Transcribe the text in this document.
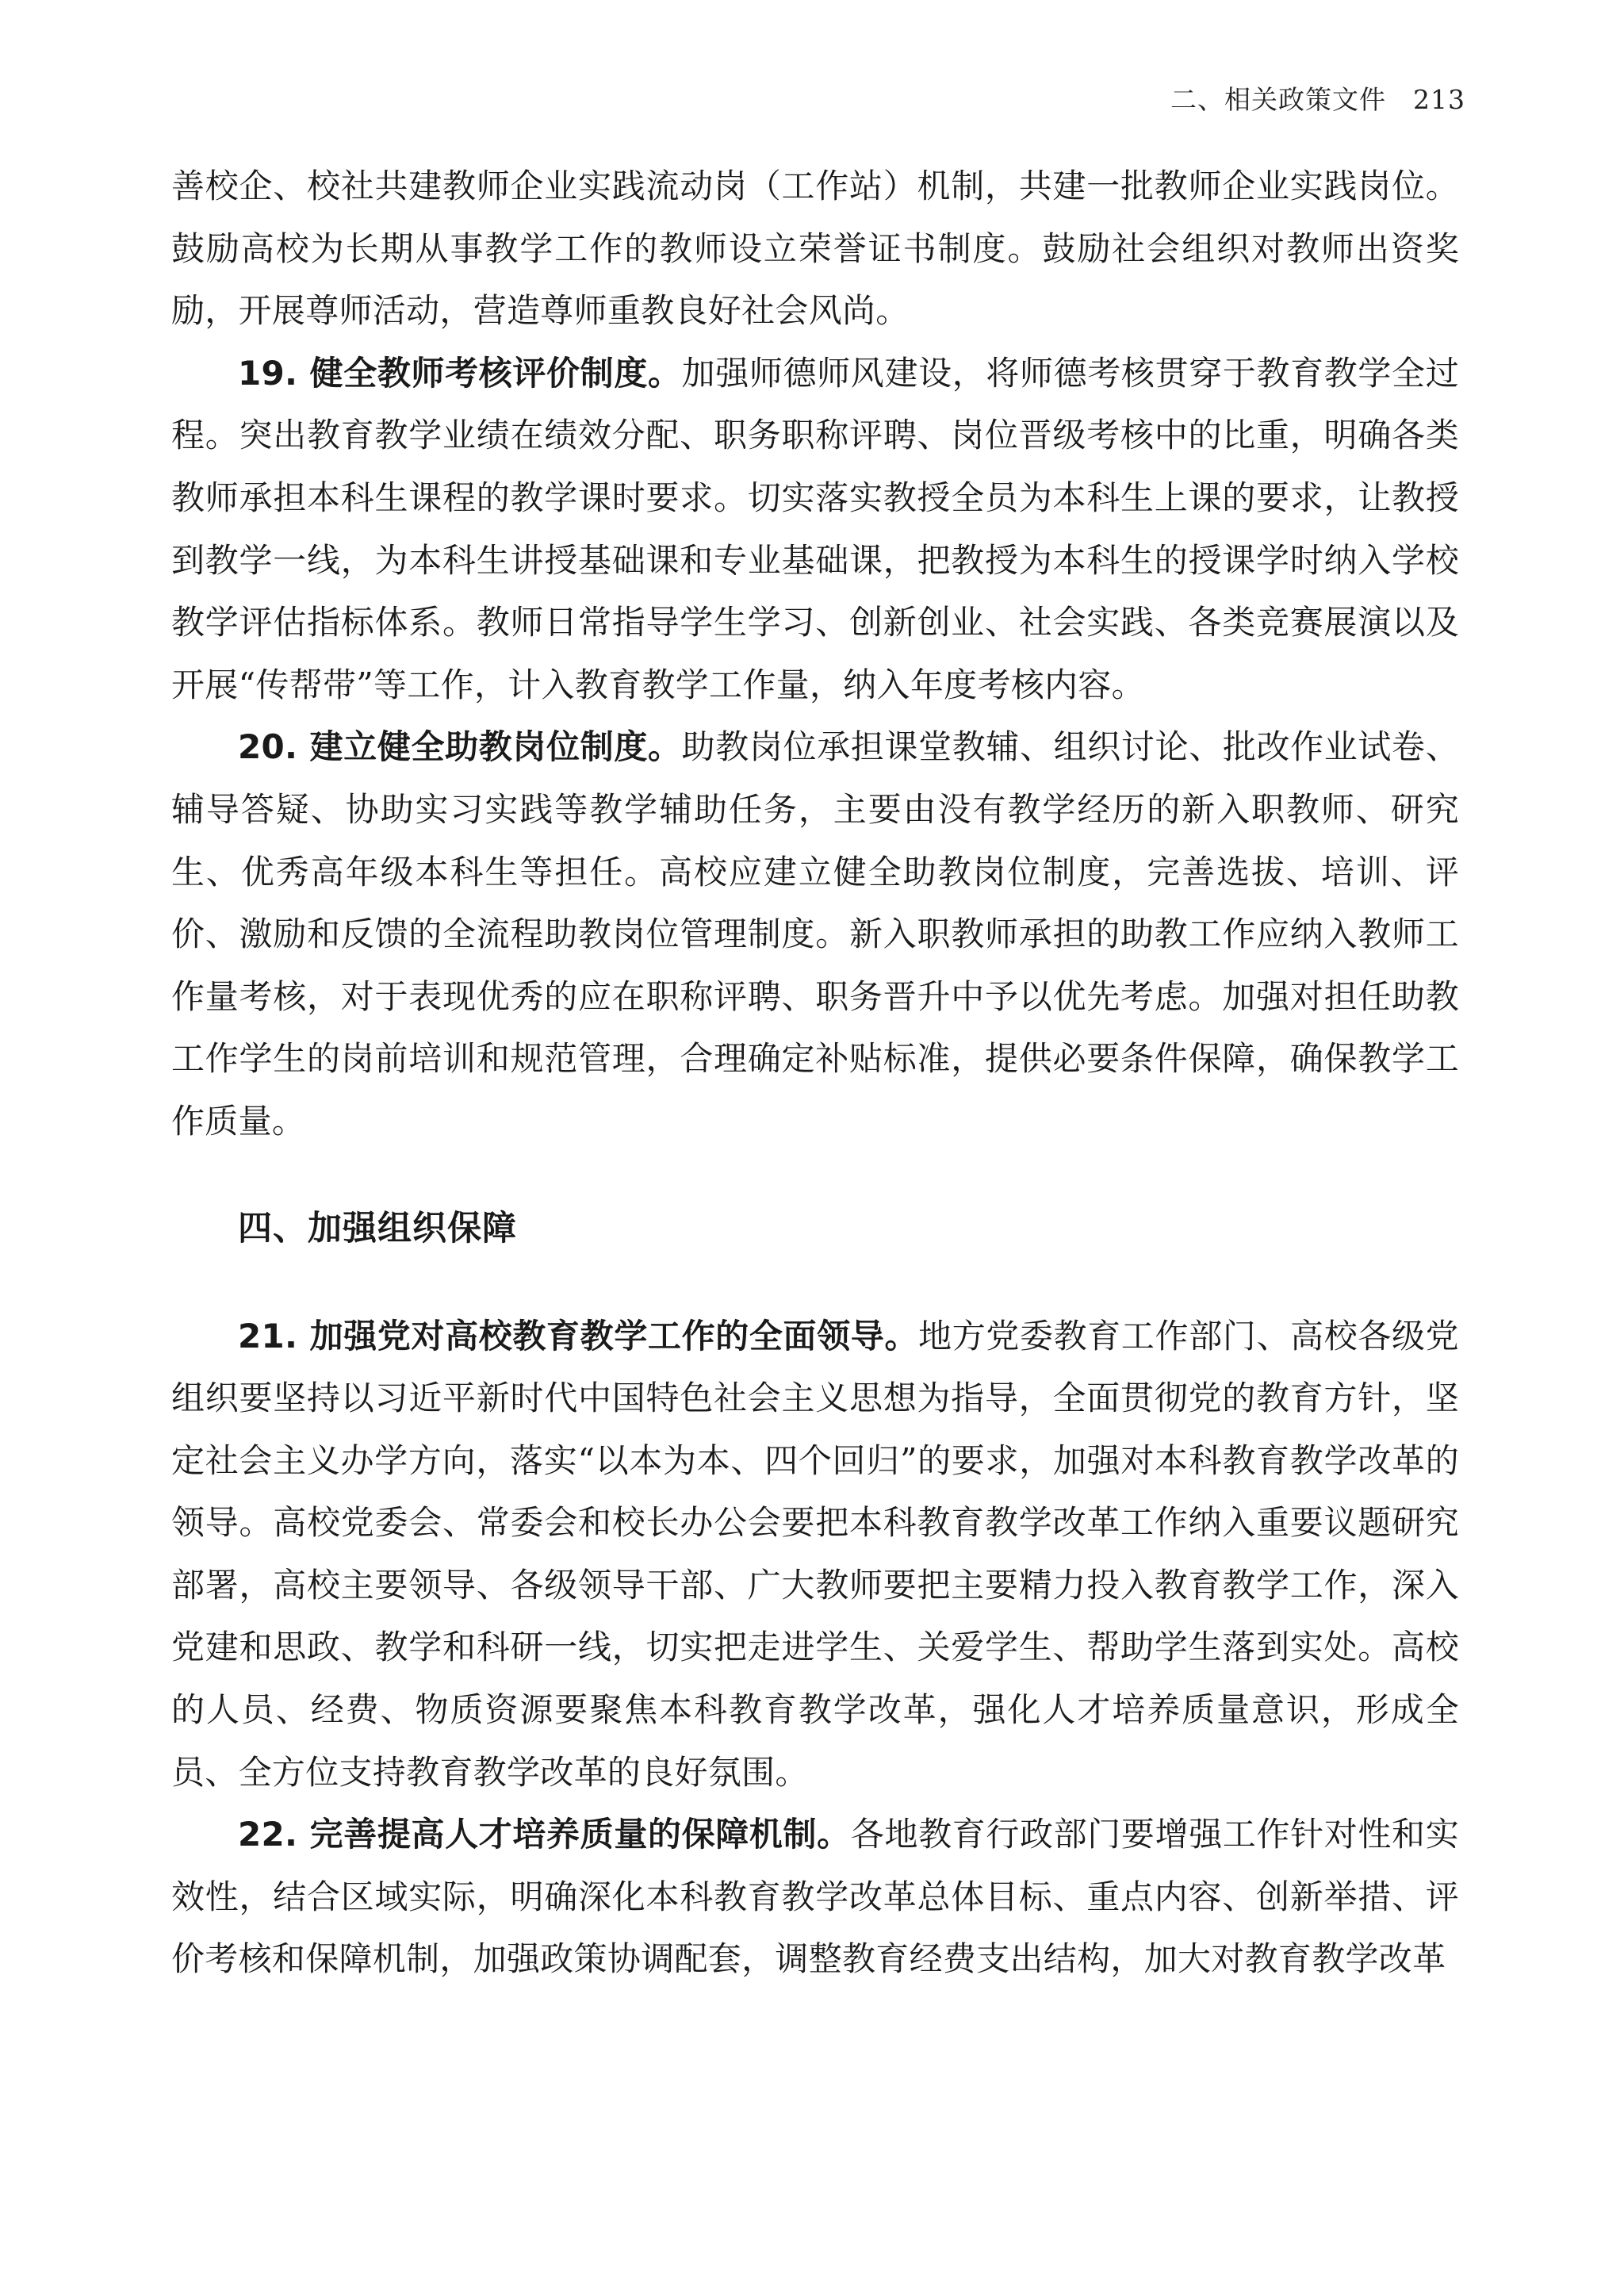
二、相关政策文件 213

善校企、校社共建教师企业实践流动岗（工作站）机制，共建一批教师企业实践岗位。鼓励高校为长期从事教学工作的教师设立荣誉证书制度。鼓励社会组织对教师出资奖励，开展尊师活动，营造尊师重教良好社会风尚。

19. 健全教师考核评价制度。加强师德师风建设，将师德考核贯穿于教育教学全过程。突出教育教学业绩在绩效分配、职务职称评聘、岗位晋级考核中的比重，明确各类教师承担本科生课程的教学课时要求。切实落实教授全员为本科生上课的要求，让教授到教学一线，为本科生讲授基础课和专业基础课，把教授为本科生的授课学时纳入学校教学评估指标体系。教师日常指导学生学习、创新创业、社会实践、各类竞赛展演以及开展“传帮带”等工作，计入教育教学工作量，纳入年度考核内容。

20. 建立健全助教岗位制度。助教岗位承担课堂教辅、组织讨论、批改作业试卷、辅导答疑、协助实习实践等教学辅助任务，主要由没有教学经历的新入职教师、研究生、优秀高年级本科生等担任。高校应建立健全助教岗位制度，完善选拔、培训、评价、激励和反馈的全流程助教岗位管理制度。新入职教师承担的助教工作应纳入教师工作量考核，对于表现优秀的应在职称评聘、职务晋升中予以优先考虑。加强对担任助教工作学生的岗前培训和规范管理，合理确定补贴标准，提供必要条件保障，确保教学工作质量。

四、加强组织保障

21. 加强党对高校教育教学工作的全面领导。地方党委教育工作部门、高校各级党组织要坚持以习近平新时代中国特色社会主义思想为指导，全面贯彻党的教育方针，坚定社会主义办学方向，落实“以本为本、四个回归”的要求，加强对本科教育教学改革的领导。高校党委会、常委会和校长办公会要把本科教育教学改革工作纳入重要议题研究部署，高校主要领导、各级领导干部、广大教师要把主要精力投入教育教学工作，深入党建和思政、教学和科研一线，切实把走进学生、关爱学生、帮助学生落到实处。高校的人员、经费、物质资源要聚焦本科教育教学改革，强化人才培养质量意识，形成全员、全方位支持教育教学改革的良好氛围。

22. 完善提高人才培养质量的保障机制。各地教育行政部门要增强工作针对性和实效性，结合区域实际，明确深化本科教育教学改革总体目标、重点内容、创新举措、评价考核和保障机制，加强政策协调配套，调整教育经费支出结构，加大对教育教学改革
